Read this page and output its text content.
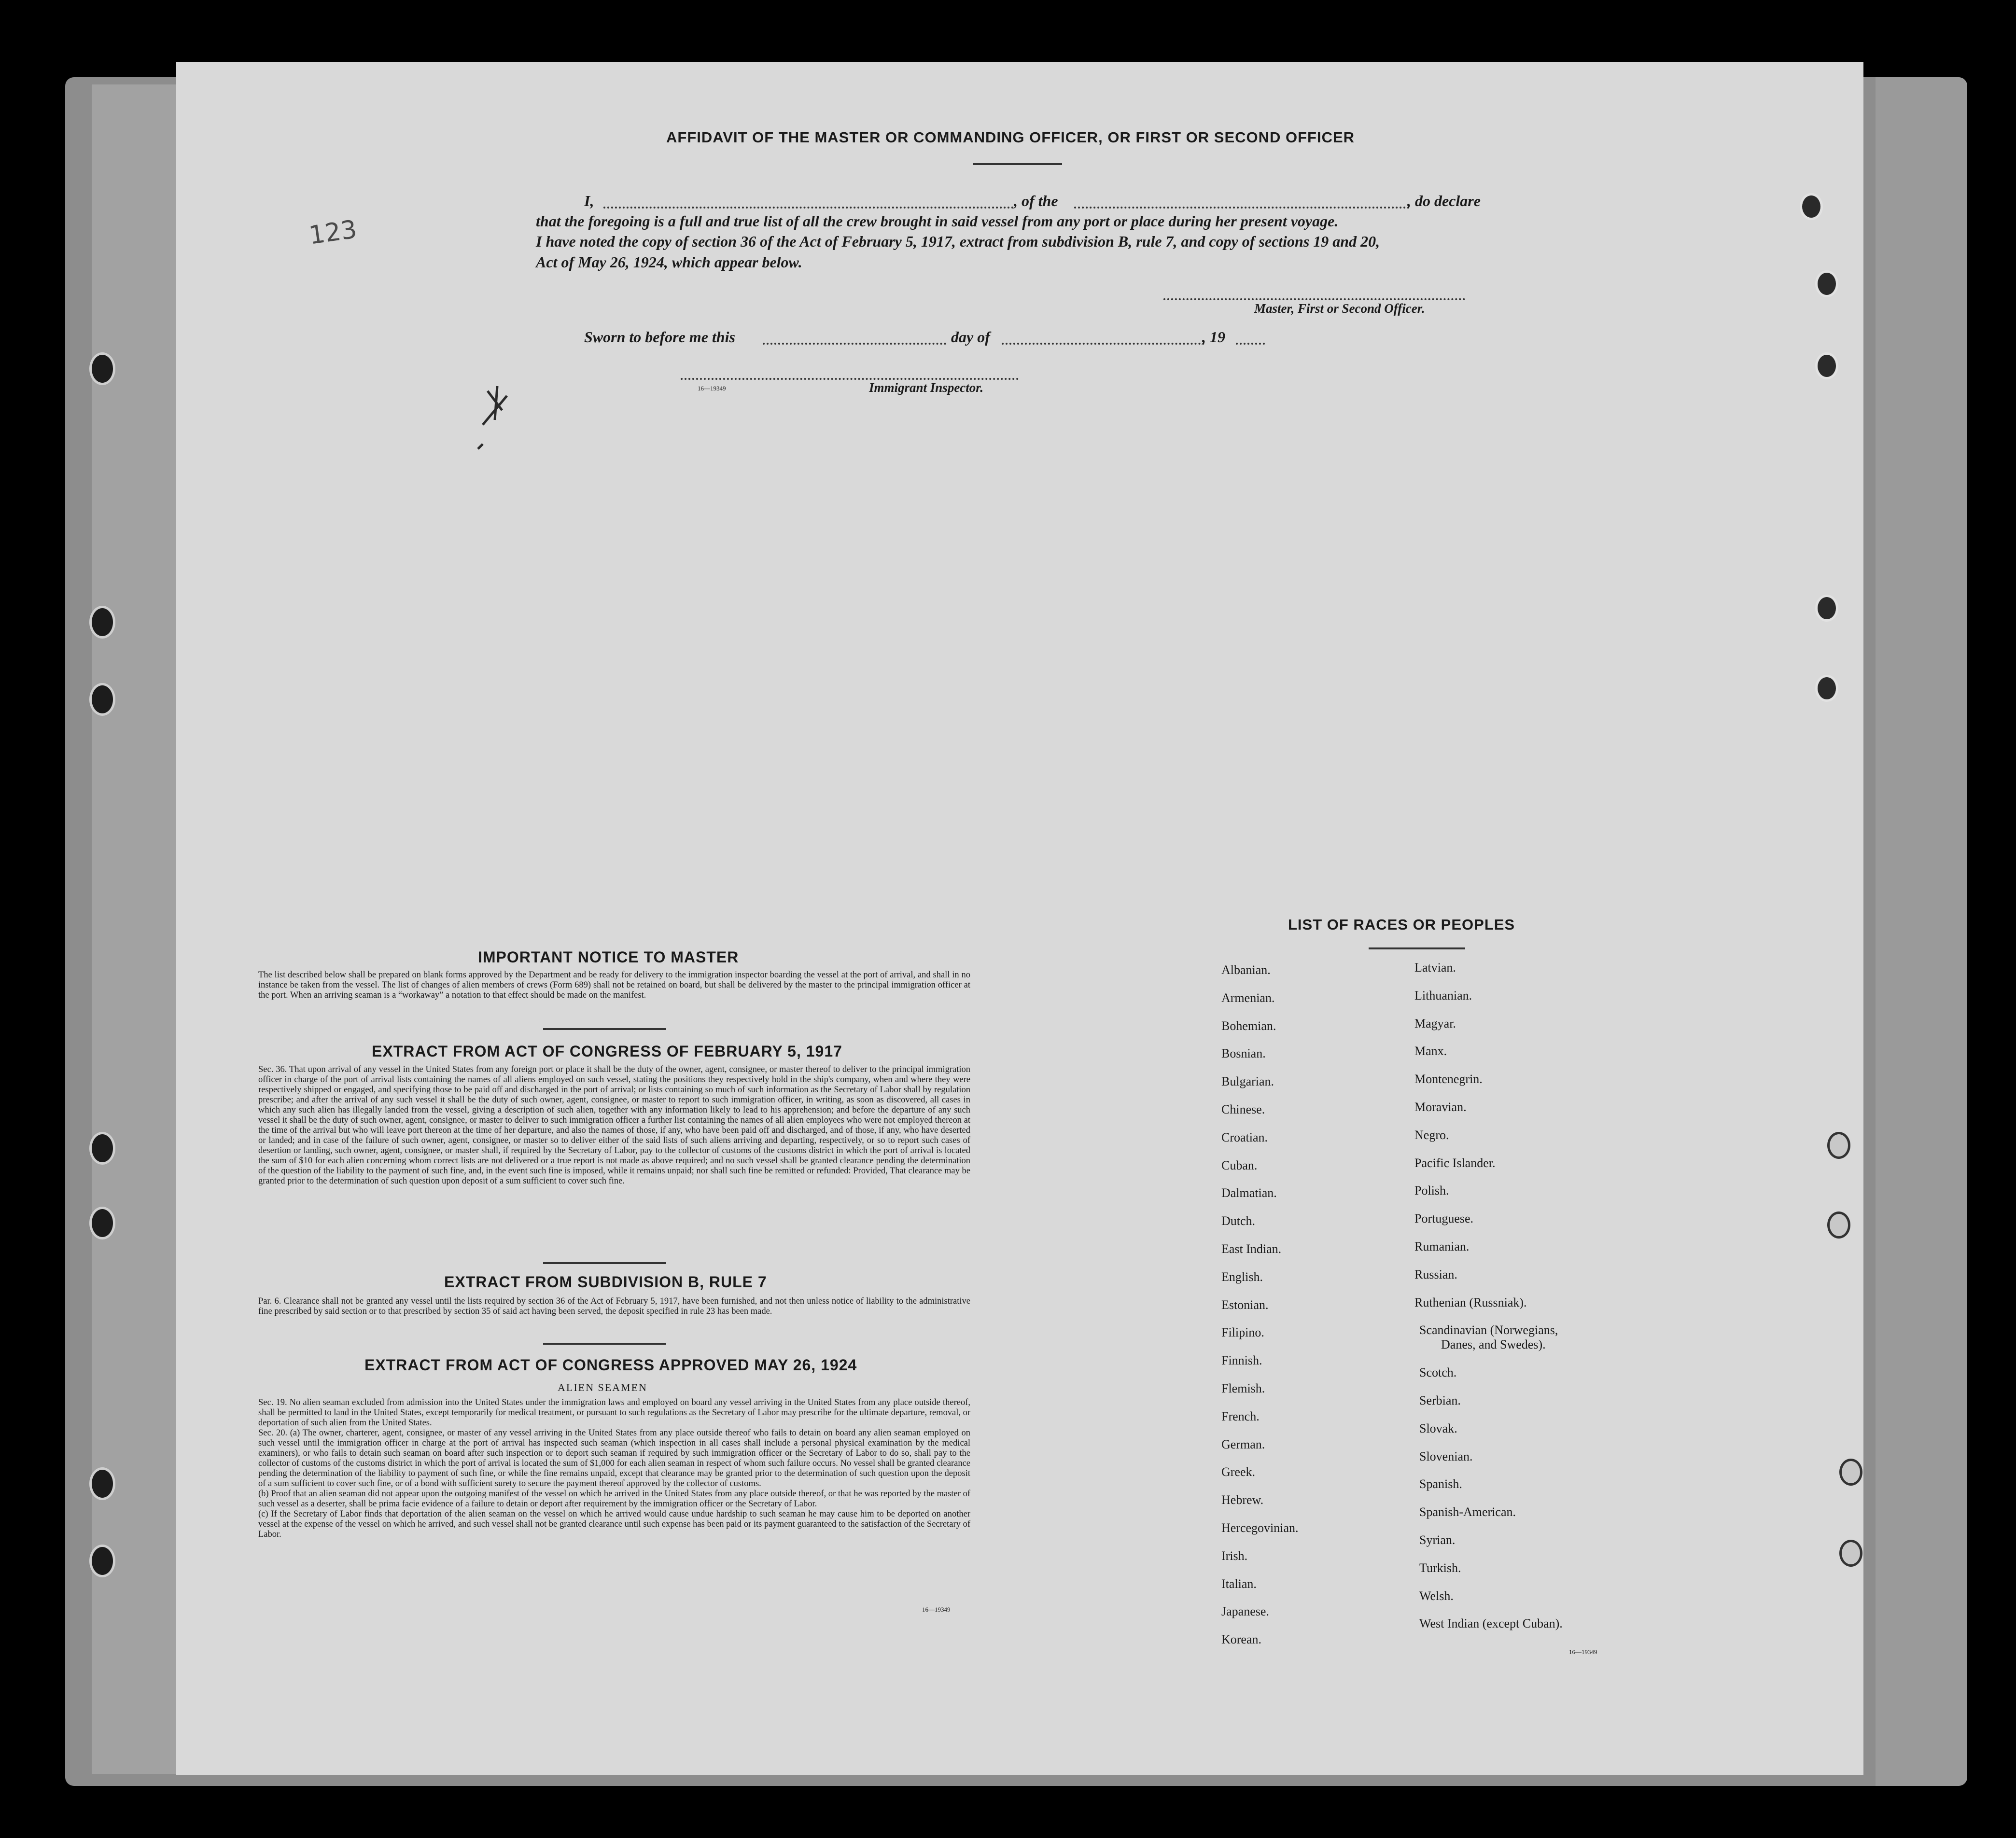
AFFIDAVIT OF THE MASTER OR COMMANDING OFFICER, OR FIRST OR SECOND OFFICER
I,	, of the	, do declare
that the foregoing is a full and true list of all the crew brought in said vessel from any port or place during her present voyage.
I have noted the copy of section 36 of the Act of February 5, 1917, extract from subdivision B, rule 7, and copy of sections 19 and 20,
Act of May 26, 1924, which appear below.
Master, First or Second Officer.
Sworn to before me this	day of	, 19
16—19349	Immigrant Inspector.
123
IMPORTANT NOTICE TO MASTER
The list described below shall be prepared on blank forms approved by the Department and be ready for delivery to the immigration inspector boarding the vessel at the port of arrival, and shall in no instance be taken from the vessel. The list of changes of alien members of crews (Form 689) shall not be retained on board, but shall be delivered by the master to the principal immigration officer at the port. When an arriving seaman is a “workaway” a notation to that effect should be made on the manifest.
EXTRACT FROM ACT OF CONGRESS OF FEBRUARY 5, 1917
Sec. 36. That upon arrival of any vessel in the United States from any foreign port or place it shall be the duty of the owner, agent, consignee, or master thereof to deliver to the principal immigration officer in charge of the port of arrival lists containing the names of all aliens employed on such vessel, stating the positions they respectively hold in the ship's company, when and where they were respectively shipped or engaged, and specifying those to be paid off and discharged in the port of arrival; or lists containing so much of such information as the Secretary of Labor shall by regulation prescribe; and after the arrival of any such vessel it shall be the duty of such owner, agent, consignee, or master to report to such immigration officer, in writing, as soon as discovered, all cases in which any such alien has illegally landed from the vessel, giving a description of such alien, together with any information likely to lead to his apprehension; and before the departure of any such vessel it shall be the duty of such owner, agent, consignee, or master to deliver to such immigration officer a further list containing the names of all alien employees who were not employed thereon at the time of the arrival but who will leave port thereon at the time of her departure, and also the names of those, if any, who have been paid off and discharged, and of those, if any, who have deserted or landed; and in case of the failure of such owner, agent, consignee, or master so to deliver either of the said lists of such aliens arriving and departing, respectively, or so to report such cases of desertion or landing, such owner, agent, consignee, or master shall, if required by the Secretary of Labor, pay to the collector of customs of the customs district in which the port of arrival is located the sum of $10 for each alien concerning whom correct lists are not delivered or a true report is not made as above required; and no such vessel shall be granted clearance pending the determination of the question of the liability to the payment of such fine, and, in the event such fine is imposed, while it remains unpaid; nor shall such fine be remitted or refunded: Provided, That clearance may be granted prior to the determination of such question upon deposit of a sum sufficient to cover such fine.
EXTRACT FROM SUBDIVISION B, RULE 7
Par. 6. Clearance shall not be granted any vessel until the lists required by section 36 of the Act of February 5, 1917, have been furnished, and not then unless notice of liability to the administrative fine prescribed by said section or to that prescribed by section 35 of said act having been served, the deposit specified in rule 23 has been made.
EXTRACT FROM ACT OF CONGRESS APPROVED MAY 26, 1924
ALIEN SEAMEN
Sec. 19. No alien seaman excluded from admission into the United States under the immigration laws and employed on board any vessel arriving in the United States from any place outside thereof, shall be permitted to land in the United States, except temporarily for medical treatment, or pursuant to such regulations as the Secretary of Labor may prescribe for the ultimate departure, removal, or deportation of such alien from the United States.
Sec. 20. (a) The owner, charterer, agent, consignee, or master of any vessel arriving in the United States from any place outside thereof who fails to detain on board any alien seaman employed on such vessel until the immigration officer in charge at the port of arrival has inspected such seaman (which inspection in all cases shall include a personal physical examination by the medical examiners), or who fails to detain such seaman on board after such inspection or to deport such seaman if required by such immigration officer or the Secretary of Labor to do so, shall pay to the collector of customs of the customs district in which the port of arrival is located the sum of $1,000 for each alien seaman in respect of whom such failure occurs. No vessel shall be granted clearance pending the determination of the liability to payment of such fine, or while the fine remains unpaid, except that clearance may be granted prior to the determination of such question upon the deposit of a sum sufficient to cover such fine, or of a bond with sufficient surety to secure the payment thereof approved by the collector of customs.
(b) Proof that an alien seaman did not appear upon the outgoing manifest of the vessel on which he arrived in the United States from any place outside thereof, or that he was reported by the master of such vessel as a deserter, shall be prima facie evidence of a failure to detain or deport after requirement by the immigration officer or the Secretary of Labor.
(c) If the Secretary of Labor finds that deportation of the alien seaman on the vessel on which he arrived would cause undue hardship to such seaman he may cause him to be deported on another vessel at the expense of the vessel on which he arrived, and such vessel shall not be granted clearance until such expense has been paid or its payment guaranteed to the satisfaction of the Secretary of Labor.
16—19349
LIST OF RACES OR PEOPLES
Albanian.
Armenian.
Bohemian.
Bosnian.
Bulgarian.
Chinese.
Croatian.
Cuban.
Dalmatian.
Dutch.
East Indian.
English.
Estonian.
Filipino.
Finnish.
Flemish.
French.
German.
Greek.
Hebrew.
Hercegovinian.
Irish.
Italian.
Japanese.
Korean.
Latvian.
Lithuanian.
Magyar.
Manx.
Montenegrin.
Moravian.
Negro.
Pacific Islander.
Polish.
Portuguese.
Rumanian.
Russian.
Ruthenian (Russniak).
Scandinavian (Norwegians,
Danes, and Swedes).
Scotch.
Serbian.
Slovak.
Slovenian.
Spanish.
Spanish-American.
Syrian.
Turkish.
Welsh.
West Indian (except Cuban).
16—19349
